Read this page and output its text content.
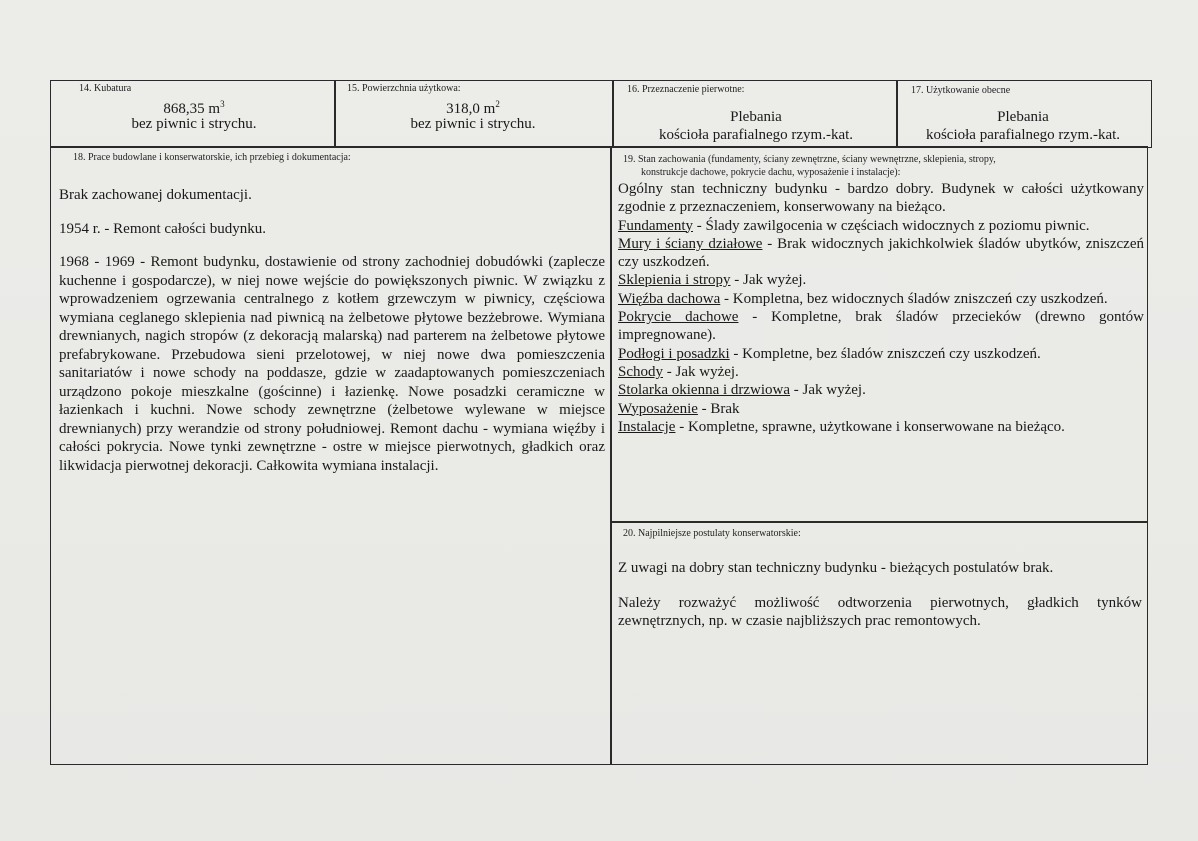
14. Kubatura
868,35 $m^3$
bez piwnic i strychu.
15. Powierzchnia użytkowa:
318,0 $m^2$
bez piwnic i strychu.
16. Przeznaczenie pierwotne:
Plebania
kościoła parafialnego rzym.-kat.
17. Użytkowanie obecne
Plebania
kościoła parafialnego rzym.-kat.
18. Prace budowlane i konserwatorskie, ich przebieg i dokumentacja:

Brak zachowanej dokumentacji.

1954 r. - Remont całości budynku.

1968 - 1969 - Remont budynku, dostawienie od strony zachodniej dobudówki (zaplecze kuchenne i gospodarcze), w niej nowe wejście do powiększonych piwnic. W związku z wprowadzeniem ogrzewania centralnego z kotłem grzewczym w piwnicy, częściowa wymiana ceglanego sklepienia nad piwnicą na żelbetowe płytowe bezżebrowe. Wymiana drewnianych, nagich stropów (z dekoracją malarską) nad parterem na żelbetowe płytowe prefabrykowane. Przebudowa sieni przelotowej, w niej nowe dwa pomieszczenia sanitariatów i nowe schody na poddasze, gdzie w zaadaptowanych pomieszczeniach urządzono pokoje mieszkalne (gościnne) i łazienkę. Nowe posadzki ceramiczne w łazienkach i kuchni. Nowe schody zewnętrzne (żelbetowe wylewane w miejsce drewnianych) przy werandzie od strony południowej. Remont dachu - wymiana więźby i całości pokrycia. Nowe tynki zewnętrzne - ostre w miejsce pierwotnych, gładkich oraz likwidacja pierwotnej dekoracji. Całkowita wymiana instalacji.

19. Stan zachowania (fundamenty, ściany zewnętrzne, ściany wewnętrzne, sklepienia, stropy,
konstrukcje dachowe, pokrycie dachu, wyposażenie i instalacje):
Ogólny stan techniczny budynku - bardzo dobry. Budynek w całości użytkowany zgodnie z przeznaczeniem, konserwowany na bieżąco.
Fundamenty - Ślady zawilgocenia w częściach widocznych z poziomu piwnic.
Mury i ściany działowe - Brak widocznych jakichkolwiek śladów ubytków, zniszczeń czy uszkodzeń.
Sklepienia i stropy - Jak wyżej.
Więźba dachowa - Kompletna, bez widocznych śladów zniszczeń czy uszkodzeń.
Pokrycie dachowe - Kompletne, brak śladów przecieków (drewno gontów impregnowane).
Podłogi i posadzki - Kompletne, bez śladów zniszczeń czy uszkodzeń.
Schody - Jak wyżej.
Stolarka okienna i drzwiowa - Jak wyżej.
Wyposażenie - Brak
Instalacje - Kompletne, sprawne, użytkowane i konserwowane na bieżąco.
20. Najpilniejsze postulaty konserwatorskie:

Z uwagi na dobry stan techniczny budynku - bieżących postulatów brak.

Należy rozważyć możliwość odtworzenia pierwotnych, gładkich tynków zewnętrznych, np. w czasie najbliższych prac remontowych.
